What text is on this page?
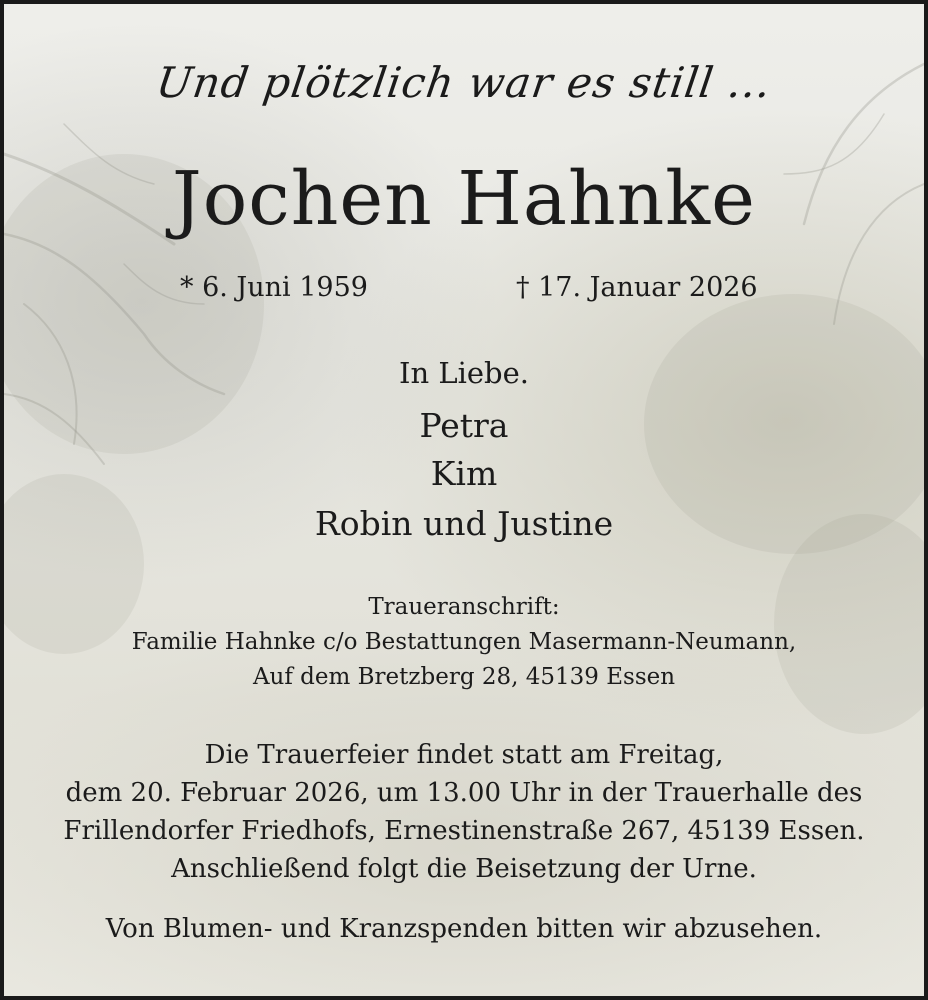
Und plötzlich war es still ...
Jochen Hahnke
* 6. Juni 1959	† 17. Januar 2026
In Liebe.
Petra
Kim
Robin und Justine
Traueranschrift:
Familie Hahnke c/o Bestattungen Masermann-Neumann,
Auf dem Bretzberg 28, 45139 Essen
Die Trauerfeier findet statt am Freitag,
dem 20. Februar 2026, um 13.00 Uhr in der Trauerhalle des
Frillendorfer Friedhofs, Ernestinenstraße 267, 45139 Essen.
Anschließend folgt die Beisetzung der Urne.
Von Blumen- und Kranzspenden bitten wir abzusehen.
